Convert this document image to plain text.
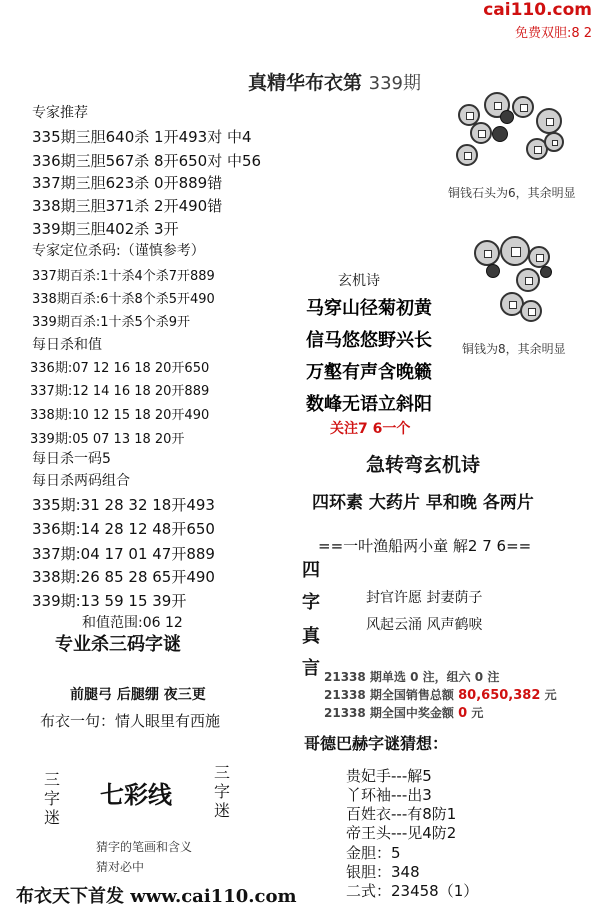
cai110.com
免费双胆:8 2
真精华布衣第 339期
专家推荐
335期三胆640杀 1开493对 中4
336期三胆567杀 8开650对 中56
337期三胆623杀 0开889错
338期三胆371杀 2开490错
339期三胆402杀 3开
专家定位杀码:（谨慎参考）
337期百杀:1十杀4个杀7开889
338期百杀:6十杀8个杀5开490
339期百杀:1十杀5个杀9开
每日杀和值
336期:07 12 16 18 20开650
337期:12 14 16 18 20开889
338期:10 12 15 18 20开490
339期:05 07 13 18 20开
每日杀一码5
每日杀两码组合
335期:31 28 32 18开493
336期:14 28 12 48开650
337期:04 17 01 47开889
338期:26 85 28 65开490
339期:13 59 15 39开
和值范围:06 12
专业杀三码字谜
前腿弓 后腿绷 夜三更
布衣一句：情人眼里有西施
三字迷
七彩线
三字迷
猜字的笔画和含义
猜对必中
布衣天下首发 www.cai110.com
铜钱石头为6，其余明显
铜钱为8，其余明显
玄机诗
马穿山径菊初黄
信马悠悠野兴长
万壑有声含晚籁
数峰无语立斜阳
关注7 6一个
急转弯玄机诗
四环素 大药片 早和晚 各两片
==一叶渔船两小童 解2 7 6==
四
字
真
言
封官许愿 封妻荫子
风起云涌 风声鹤唳
21338 期单选 0 注，组六 0 注
21338 期全国销售总额 80,650,382 元
21338 期全国中奖金额 0 元
哥德巴赫字谜猜想：
贵妃手---解5
丫环袖---出3
百姓衣---有8防1
帝王头---见4防2
金胆：5
银胆：348
二式：23458（1）
